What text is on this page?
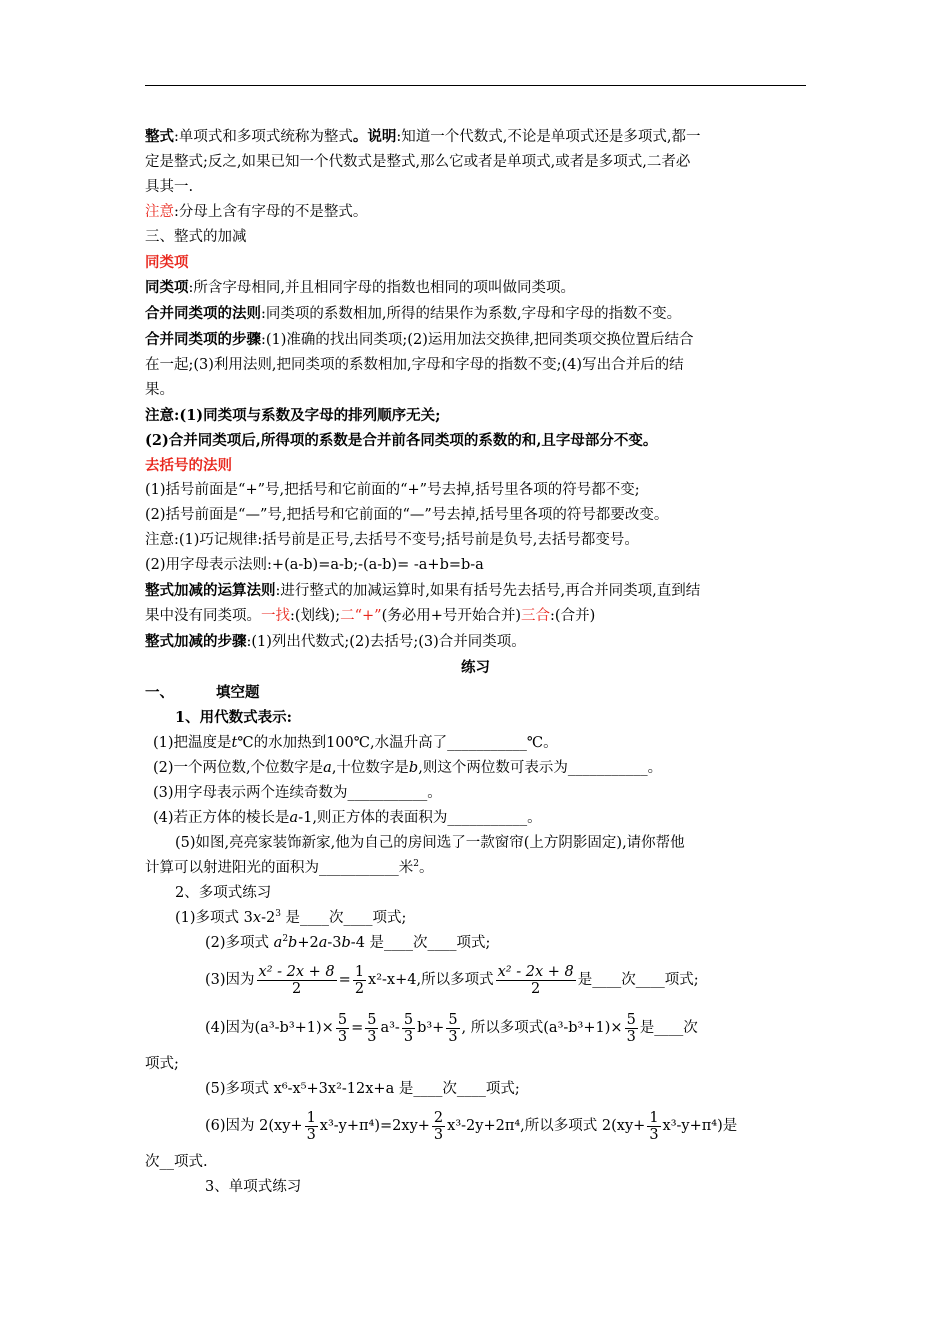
整式:单项式和多项式统称为整式。说明:知道一个代数式,不论是单项式还是多项式,都一
定是整式;反之,如果已知一个代数式是整式,那么它或者是单项式,或者是多项式,二者必
具其一.

注意:分母上含有字母的不是整式。

三、整式的加减

同类项

同类项:所含字母相同,并且相同字母的指数也相同的项叫做同类项。

合并同类项的法则:同类项的系数相加,所得的结果作为系数,字母和字母的指数不变。

合并同类项的步骤:(1)准确的找出同类项;(2)运用加法交换律,把同类项交换位置后结合
在一起;(3)利用法则,把同类项的系数相加,字母和字母的指数不变;(4)写出合并后的结
果。

注意:(1)同类项与系数及字母的排列顺序无关;

(2)合并同类项后,所得项的系数是合并前各同类项的系数的和,且字母部分不变。

去括号的法则

(1)括号前面是“+”号,把括号和它前面的“+”号去掉,括号里各项的符号都不变;

(2)括号前面是“—”号,把括号和它前面的“—”号去掉,括号里各项的符号都要改变。

注意:(1)巧记规律:括号前是正号,去括号不变号;括号前是负号,去括号都变号。

(2)用字母表示法则:+(a-b)=a-b;-(a-b)= -a+b=b-a

整式加减的运算法则:进行整式的加减运算时,如果有括号先去括号,再合并同类项,直到结
果中没有同类项。一找:(划线);二“+”(务必用+号开始合并)三合:(合并)

整式加减的步骤:(1)列出代数式;(2)去括号;(3)合并同类项。

练习

一、	填空题

1、用代数式表示:

(1)把温度是t℃的水加热到100℃,水温升高了___________℃。

(2)一个两位数,个位数字是a,十位数字是b,则这个两位数可表示为___________。

(3)用字母表示两个连续奇数为___________。

(4)若正方体的棱长是a-1,则正方体的表面积为___________。

(5)如图,亮亮家装饰新家,他为自己的房间选了一款窗帘(上方阴影固定),请你帮他

计算可以射进阳光的面积为___________米$^2$。

2、多项式练习

(1)多项式 $3x-2^3$ 是____次____项式;

(2)多项式 $a^2b+2a-3b-4$ 是____次____项式;

(3)因为 $\frac{\text{x² - 2x + 8}}{2} = \frac{1}{2} x^2-x+4$,所以多项式 $\frac{\text{x² - 2x + 8}}{2}$ 是____次____项式;

(4)因为$(a^3-b^3+1)\times \frac{5}{3} = \frac{5}{3} a^3- \frac{5}{3} b^3+ \frac{5}{3}$ , 所以多项式$(a^3-b^3+1)\times \frac{5}{3}$ 是____次

项式;

(5)多项式 x⁶-x⁵+3x²-12x+a 是____次____项式;

(6)因为 $2(xy+ \frac{1}{3} x^3-y+\pi^4)=2xy+ \frac{2}{3} x^3-2y+2\pi^4$,所以多项式 $2(xy+ \frac{1}{3} x^3-y+\pi^4)$是

次__项式.

3、单项式练习
